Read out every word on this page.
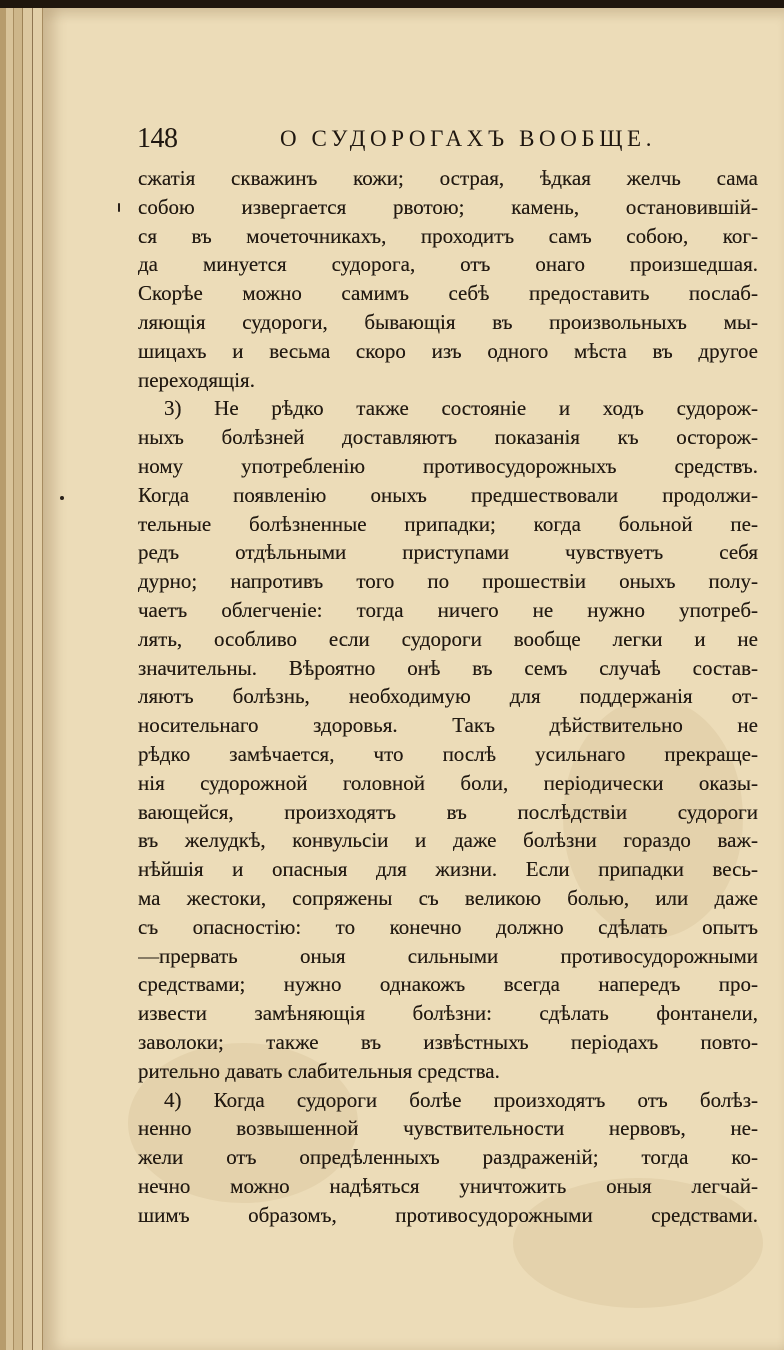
148	О СУДОРОГАХЪ ВООБЩЕ.
сжатія скважинъ кожи; острая, ѣдкая желчь сама
собою извергается рвотою; камень, остановившій-
ся въ мочеточникахъ, проходитъ самъ собою, ког-
да минуется судорога, отъ онаго произшедшая.
Скорѣе можно самимъ себѣ предоставить послаб-
ляющія судороги, бывающія въ произвольныхъ мы-
шицахъ и весьма скоро изъ одного мѣста въ другое
переходящія.
3) Не рѣдко также состояніе и ходъ судорож-
ныхъ болѣзней доставляютъ показанія къ осторож-
ному употребленію противосудорожныхъ средствъ.
Когда появленію оныхъ предшествовали продолжи-
тельные болѣзненные припадки; когда больной пе-
редъ отдѣльными приступами чувствуетъ себя
дурно; напротивъ того по прошествіи оныхъ полу-
чаетъ облегченіе: тогда ничего не нужно употреб-
лять, особливо если судороги вообще легки и не
значительны. Вѣроятно онѣ въ семъ случаѣ состав-
ляютъ болѣзнь, необходимую для поддержанія от-
носительнаго здоровья. Такъ дѣйствительно не
рѣдко замѣчается, что послѣ усильнаго прекраще-
нія судорожной головной боли, періодически оказы-
вающейся, произходятъ въ послѣдствіи судороги
въ желудкѣ, конвульсіи и даже болѣзни гораздо важ-
нѣйшія и опасныя для жизни. Если припадки весь-
ма жестоки, сопряжены съ великою болью, или даже
съ опасностію: то конечно должно сдѣлать опытъ
—прервать оныя сильными противосудорожными
средствами; нужно однакожъ всегда напередъ про-
извести замѣняющія болѣзни: сдѣлать фонтанели,
заволоки; также въ извѣстныхъ періодахъ повто-
рительно давать слабительныя средства.
4) Когда судороги болѣе произходятъ отъ болѣз-
ненно возвышенной чувствительности нервовъ, не-
жели отъ опредѣленныхъ раздраженій; тогда ко-
нечно можно надѣяться уничтожить оныя легчай-
шимъ образомъ, противосудорожными средствами.
